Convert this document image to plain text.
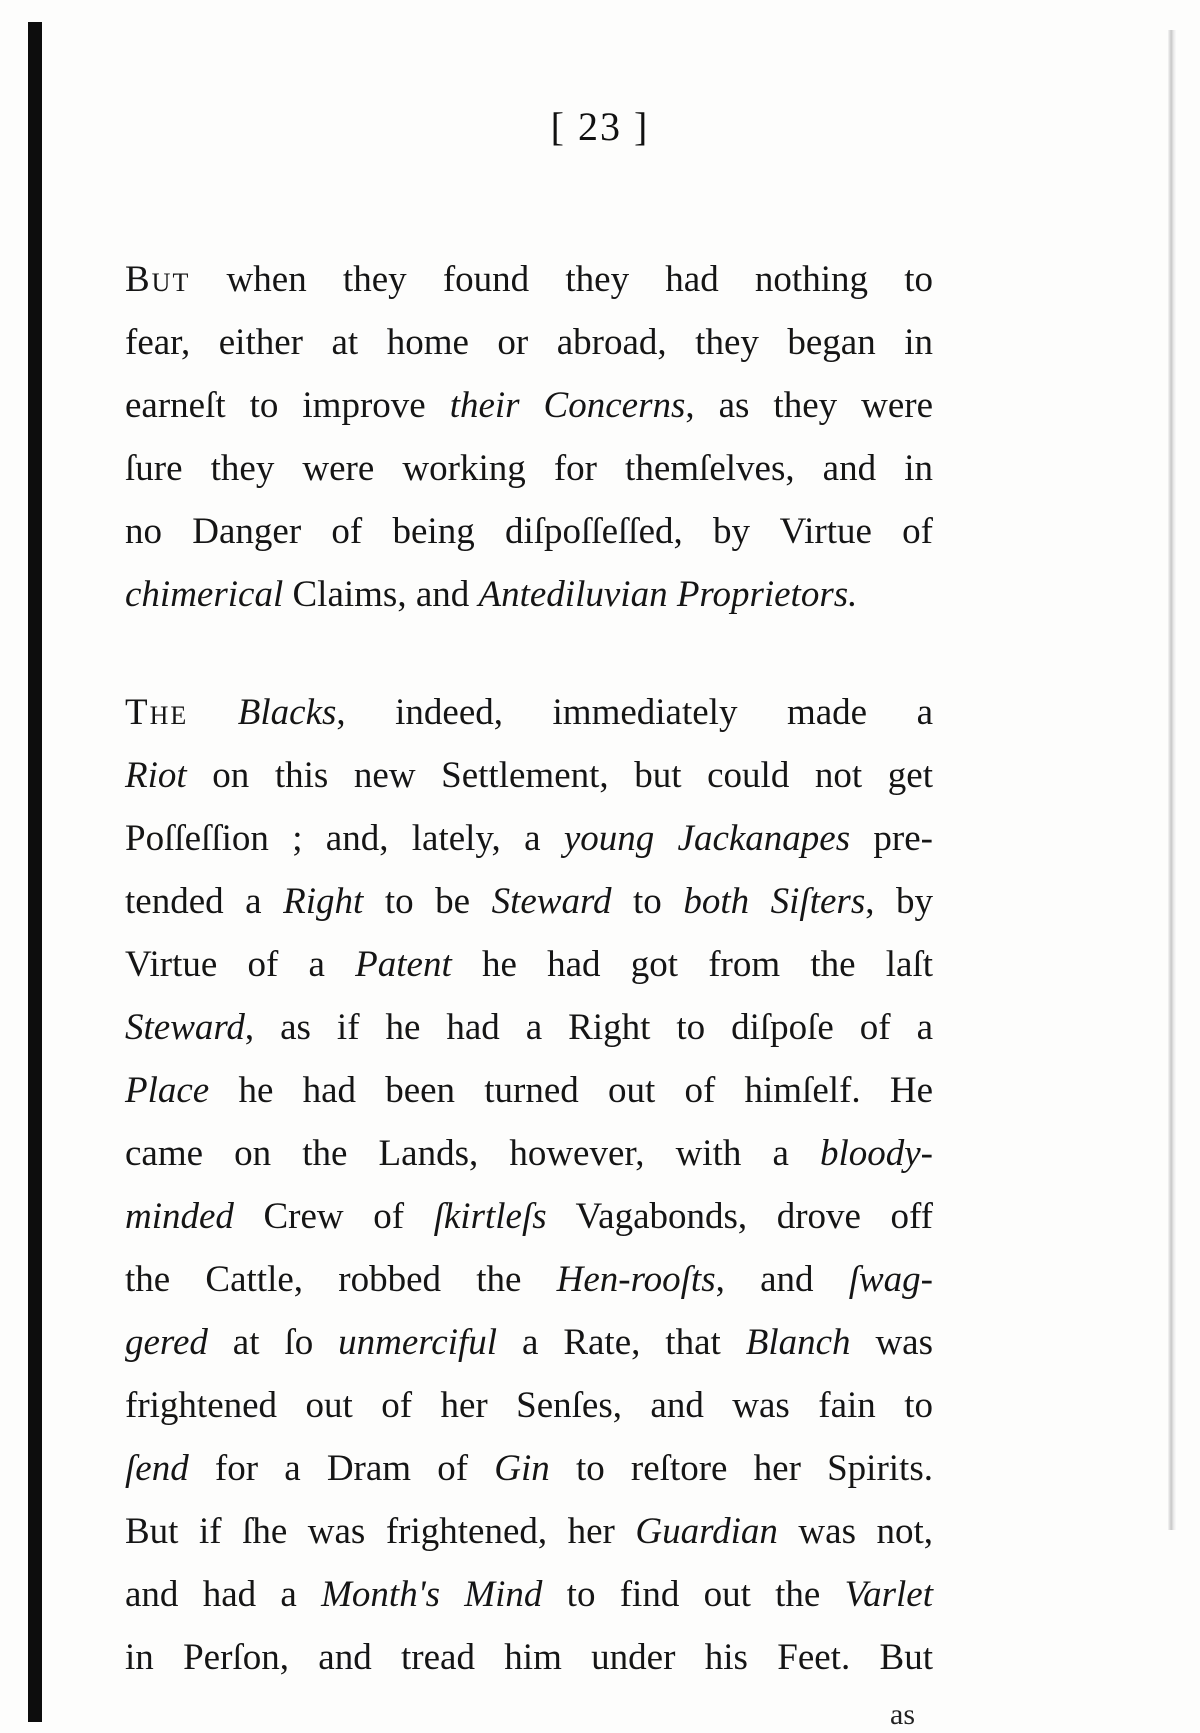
[ 23 ]
But when they found they had nothing to
fear, either at home or abroad, they began in
earneſt to improve their Concerns, as they were
ſure they were working for themſelves, and in
no Danger of being diſpoſſeſſed, by Virtue of
chimerical Claims, and Antediluvian Proprietors.
The Blacks, indeed, immediately made a
Riot on this new Settlement, but could not get
Poſſeſſion ; and, lately, a young Jackanapes pre-
tended a Right to be Steward to both Siſters, by
Virtue of a Patent he had got from the laſt
Steward, as if he had a Right to diſpoſe of a
Place he had been turned out of himſelf. He
came on the Lands, however, with a bloody-
minded Crew of ſkirtleſs Vagabonds, drove off
the Cattle, robbed the Hen-rooſts, and ſwag-
gered at ſo unmerciful a Rate, that Blanch was
frightened out of her Senſes, and was fain to
ſend for a Dram of Gin to reſtore her Spirits.
But if ſhe was frightened, her Guardian was not,
and had a Month's Mind to find out the Varlet
in Perſon, and tread him under his Feet. But
as
